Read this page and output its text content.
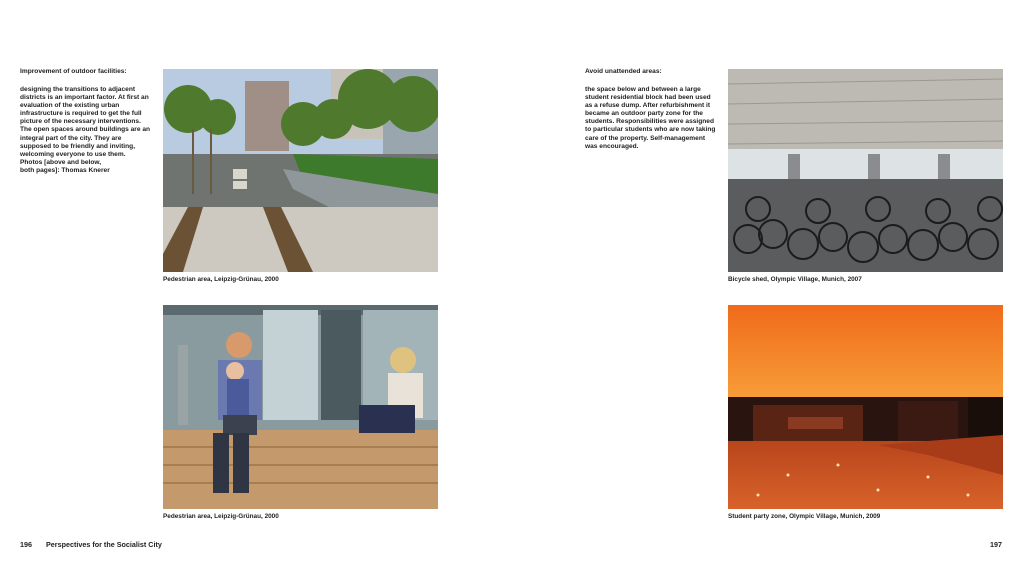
Improvement of outdoor facilities:
designing the transitions to adjacent districts is an important factor. At first an evaluation of the existing urban infrastructure is required to get the full picture of the necessary interventions. The open spaces around buildings are an integral part of the city. They are supposed to be friendly and inviting, welcoming everyone to use them.
Photos [above and below,
both pages]: Thomas Knerer
Pedestrian area, Leipzig-Grünau, 2000
Pedestrian area, Leipzig-Grünau, 2000
196 Perspectives for the Socialist City
Avoid unattended areas:
the space below and between a large student residential block had been used as a refuse dump. After refurbishment it became an outdoor party zone for the students. Responsibilities were assigned to particular students who are now taking care of the property. Self-management was encouraged.
Bicycle shed, Olympic Village, Munich, 2007
Student party zone, Olympic Village, Munich, 2009
197
